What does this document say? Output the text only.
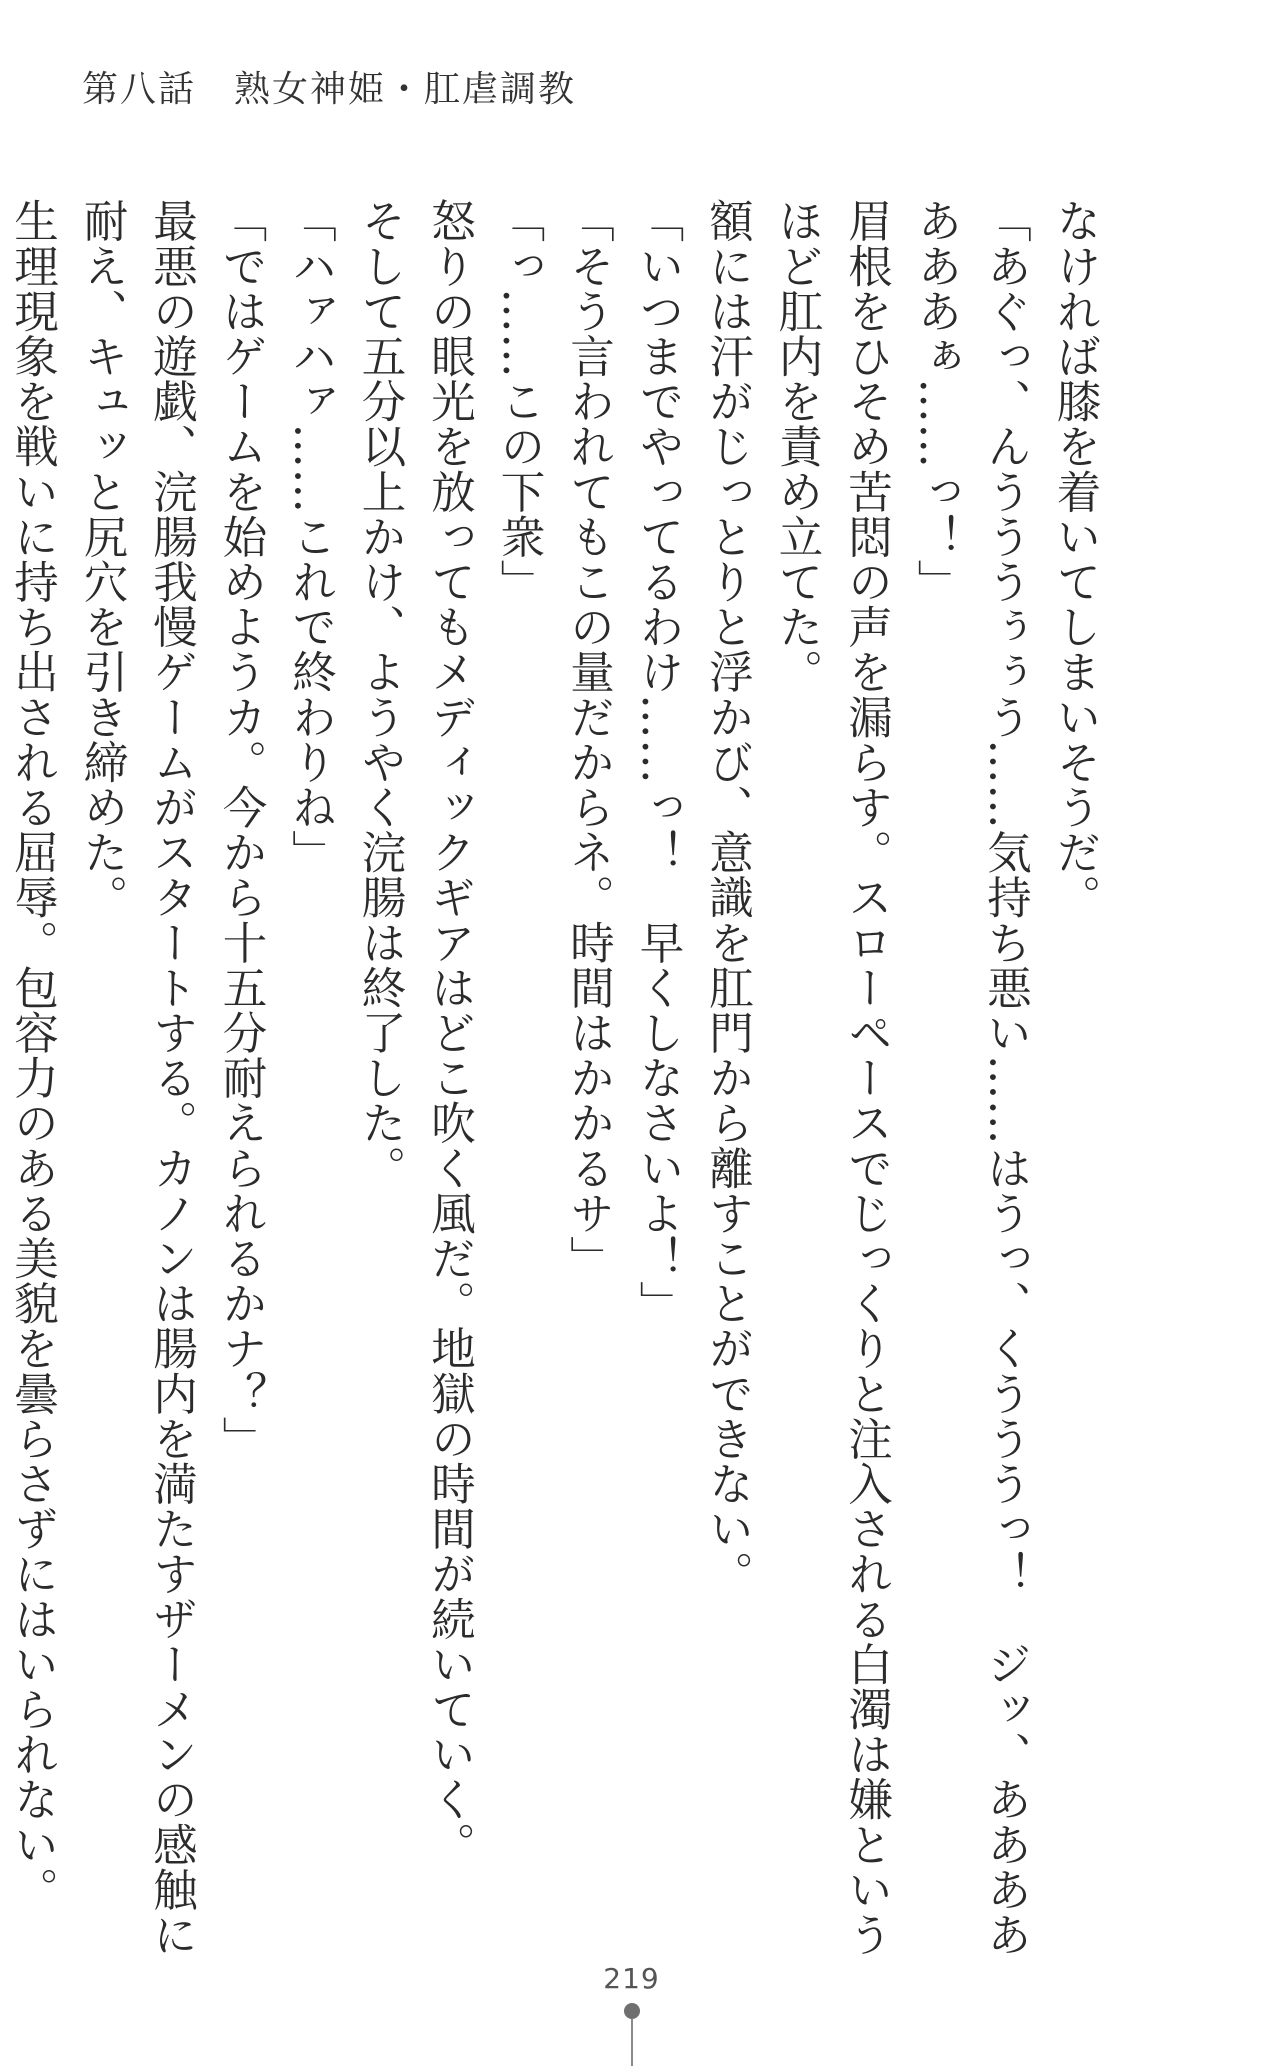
第八話　熟女神姫・肛虐調教
なければ膝を着いてしまいそうだ。
「あぐっ、んうううぅぅう……気持ち悪い……はうっ、くうううっ！　ジッ、ああああ
あああぁ……っ！」
眉根をひそめ苦悶の声を漏らす。スローペースでじっくりと注入される白濁は嫌という
ほど肛内を責め立てた。
額には汗がじっとりと浮かび、意識を肛門から離すことができない。
「いつまでやってるわけ……っ！　早くしなさいよ！」
「そう言われてもこの量だからネ。時間はかかるサ」
「っ……この下衆」
怒りの眼光を放ってもメディックギアはどこ吹く風だ。地獄の時間が続いていく。
そして五分以上かけ、ようやく浣腸は終了した。
「ハァハァ……これで終わりね」
「ではゲームを始めようカ。今から十五分耐えられるかナ？」
最悪の遊戯、浣腸我慢ゲームがスタートする。カノンは腸内を満たすザーメンの感触に
耐え、キュッと尻穴を引き締めた。
生理現象を戦いに持ち出される屈辱。包容力のある美貌を曇らさずにはいられない。
219
